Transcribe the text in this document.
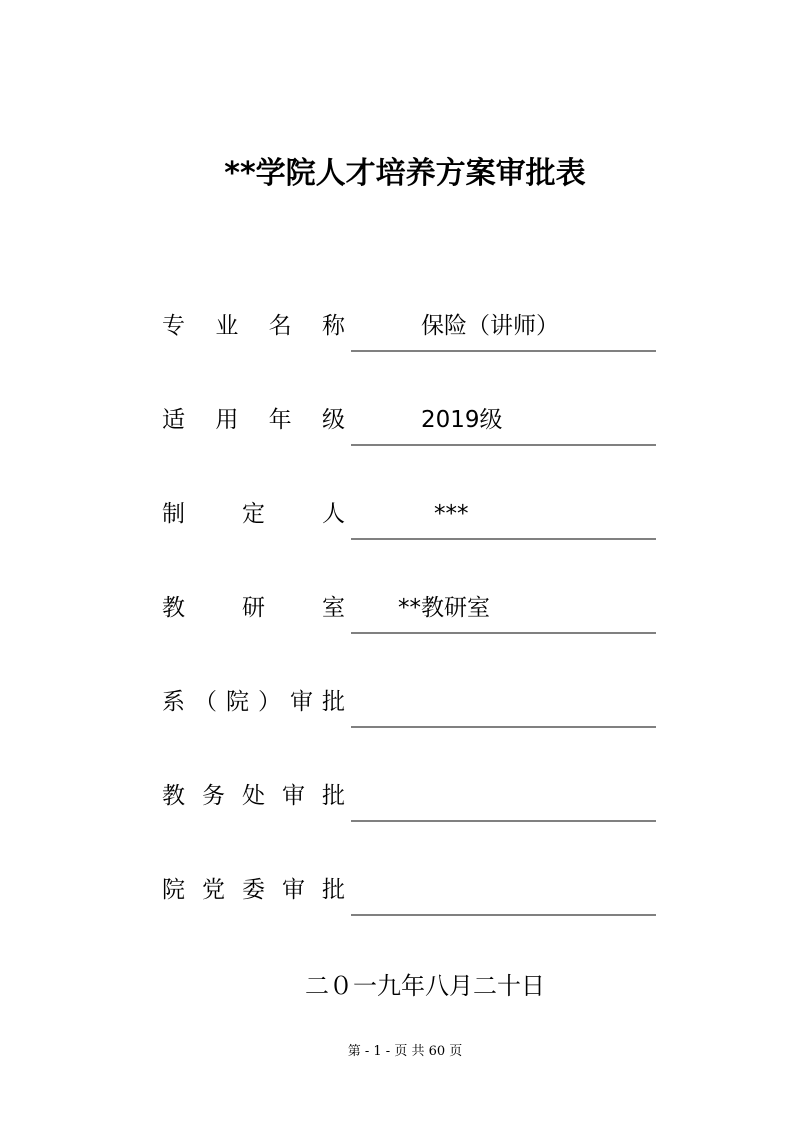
**学院人才培养方案审批表
专业名称	保险（讲师）
适用年级	2019级
制定人	***
教研室 **教研室
系（院）审批
教务处审批
院党委审批
二０一九年八月二十日
第 - 1 - 页 共 60 页
